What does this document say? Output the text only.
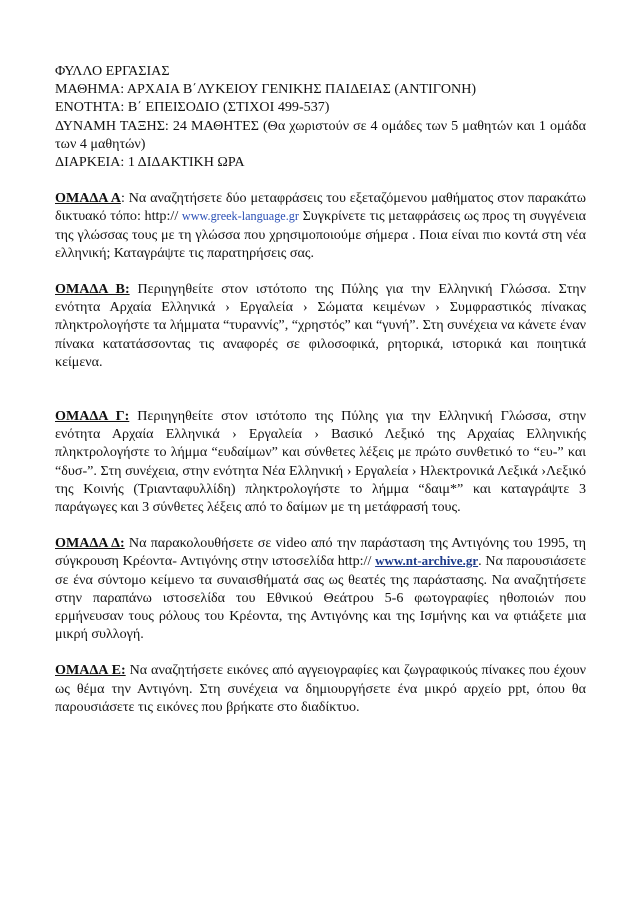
ΦΥΛΛΟ ΕΡΓΑΣΙΑΣ
ΜΑΘΗΜΑ: ΑΡΧΑΙΑ Β΄ΛΥΚΕΙΟΥ ΓΕΝΙΚΗΣ ΠΑΙΔΕΙΑΣ (ΑΝΤΙΓΟΝΗ)
ΕΝΟΤΗΤΑ: Β΄ ΕΠΕΙΣΟΔΙΟ (ΣΤΙΧΟΙ 499-537)
ΔΥΝΑΜΗ ΤΑΞΗΣ: 24 ΜΑΘΗΤΕΣ (Θα χωριστούν σε 4 ομάδες των 5 μαθητών και 1 ομάδα των 4 μαθητών)
ΔΙΑΡΚΕΙΑ: 1 ΔΙΔΑΚΤΙΚΗ ΩΡΑ
ΟΜΑΔΑ Α: Να αναζητήσετε δύο μεταφράσεις του εξεταζόμενου μαθήματος στον παρακάτω δικτυακό τόπο: http:// www.greek-language.gr Συγκρίνετε τις μεταφράσεις ως προς τη συγγένεια της γλώσσας τους με τη γλώσσα που χρησιμοποιούμε σήμερα . Ποια είναι πιο κοντά στη νέα ελληνική; Καταγράψτε τις παρατηρήσεις σας.
ΟΜΑΔΑ Β: Περιηγηθείτε στον ιστότοπο της Πύλης για την Ελληνική Γλώσσα. Στην ενότητα Αρχαία Ελληνικά › Εργαλεία › Σώματα κειμένων › Συμφραστικός πίνακας πληκτρολογήστε τα λήμματα “τυραννίς”, “χρηστός” και “γυνή”. Στη συνέχεια να κάνετε έναν πίνακα κατατάσσοντας τις αναφορές σε φιλοσοφικά, ρητορικά, ιστορικά και ποιητικά κείμενα.
ΟΜΑΔΑ Γ: Περιηγηθείτε στον ιστότοπο της Πύλης για την Ελληνική Γλώσσα, στην ενότητα Αρχαία Ελληνικά › Εργαλεία › Βασικό Λεξικό της Αρχαίας Ελληνικής πληκτρολογήστε το λήμμα “ευδαίμων” και σύνθετες λέξεις με πρώτο συνθετικό το “ευ-” και “δυσ-”. Στη συνέχεια, στην ενότητα Νέα Ελληνική › Εργαλεία › Ηλεκτρονικά Λεξικά ›Λεξικό της Κοινής (Τριανταφυλλίδη) πληκτρολογήστε το λήμμα “δαιμ*” και καταγράψτε 3 παράγωγες και 3 σύνθετες λέξεις από το δαίμων με τη μετάφρασή τους.
ΟΜΑΔΑ Δ: Να παρακολουθήσετε σε video από την παράσταση της Αντιγόνης του 1995, τη σύγκρουση Κρέοντα- Αντιγόνης στην ιστοσελίδα http:// www.nt-archive.gr. Να παρουσιάσετε σε ένα σύντομο κείμενο τα συναισθήματά σας ως θεατές της παράστασης. Να αναζητήσετε στην παραπάνω ιστοσελίδα του Εθνικού Θεάτρου 5-6 φωτογραφίες ηθοποιών που ερμήνευσαν τους ρόλους του Κρέοντα, της Αντιγόνης και της Ισμήνης και να φτιάξετε μια μικρή συλλογή.
ΟΜΑΔΑ Ε: Να αναζητήσετε εικόνες από αγγειογραφίες και ζωγραφικούς πίνακες που έχουν ως θέμα την Αντιγόνη. Στη συνέχεια να δημιουργήσετε ένα μικρό αρχείο ppt, όπου θα παρουσιάσετε τις εικόνες που βρήκατε στο διαδίκτυο.
